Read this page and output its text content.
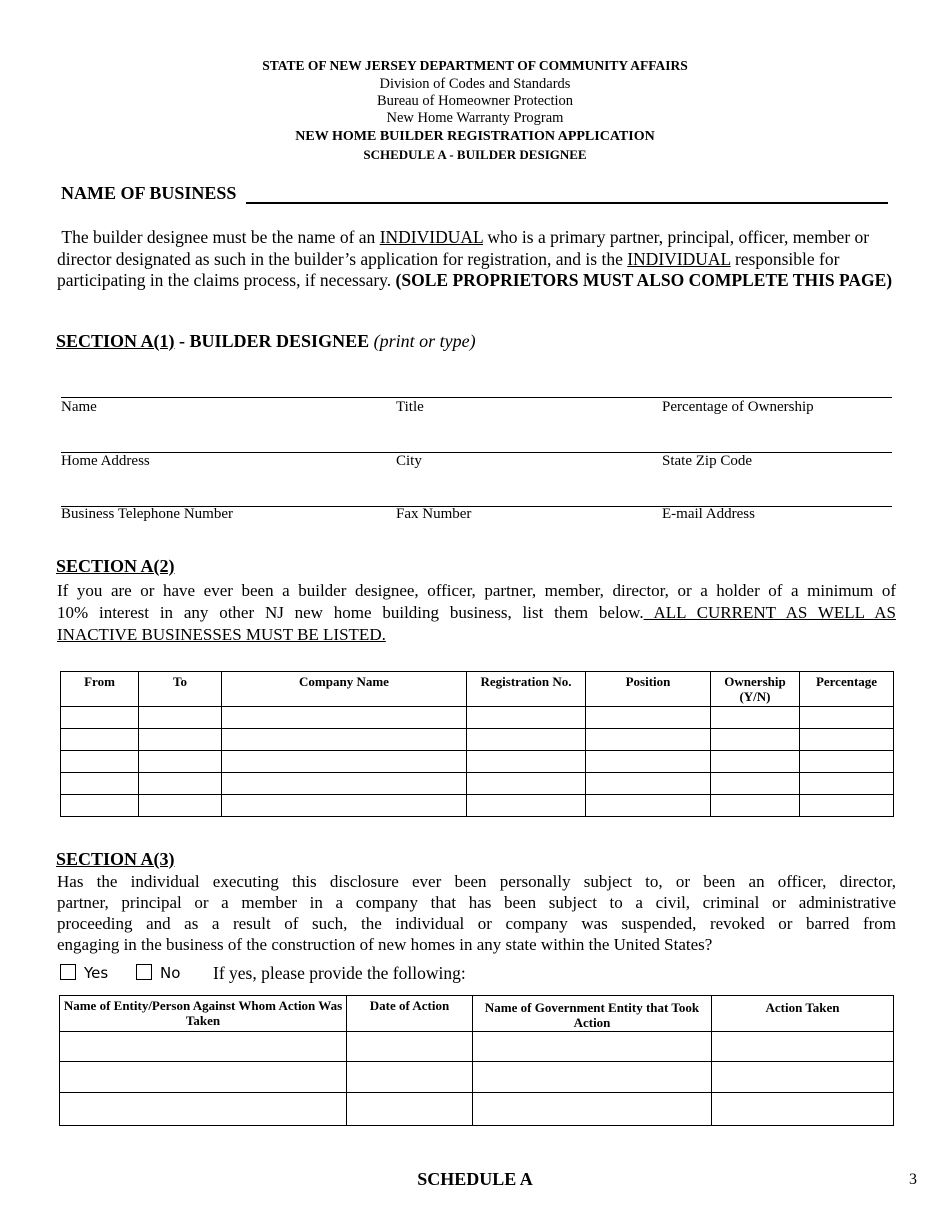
STATE OF NEW JERSEY DEPARTMENT OF COMMUNITY AFFAIRS
Division of Codes and Standards
Bureau of Homeowner Protection
New Home Warranty Program
NEW HOME BUILDER REGISTRATION APPLICATION
SCHEDULE A - BUILDER DESIGNEE
NAME OF BUSINESS
The builder designee must be the name of an INDIVIDUAL who is a primary partner, principal, officer, member or director designated as such in the builder’s application for registration, and is the INDIVIDUAL responsible for participating in the claims process, if necessary. (SOLE PROPRIETORS MUST ALSO COMPLETE THIS PAGE)
SECTION A(1) - BUILDER DESIGNEE (print or type)
Name	Title	Percentage of Ownership
Home Address	City	State Zip Code
Business Telephone Number	Fax Number	E-mail Address
SECTION A(2)
If you are or have ever been a builder designee, officer, partner, member, director, or a holder of a minimum of
10% interest in any other NJ new home building business, list them below. ALL CURRENT AS WELL AS
INACTIVE BUSINESSES MUST BE LISTED.
From	To	Company Name	Registration No.	Position	Ownership (Y/N)	Percentage

SECTION A(3)
Has the individual executing this disclosure ever been personally subject to, or been an officer, director,
partner, principal or a member in a company that has been subject to a civil, criminal or administrative
proceeding and as a result of such, the individual or company was suspended, revoked or barred from
engaging in the business of the construction of new homes in any state within the United States?
Yes	No If yes, please provide the following:
Name of Entity/Person Against Whom Action Was Taken	Date of Action	Name of Government Entity that Took Action	Action Taken

SCHEDULE A	3
